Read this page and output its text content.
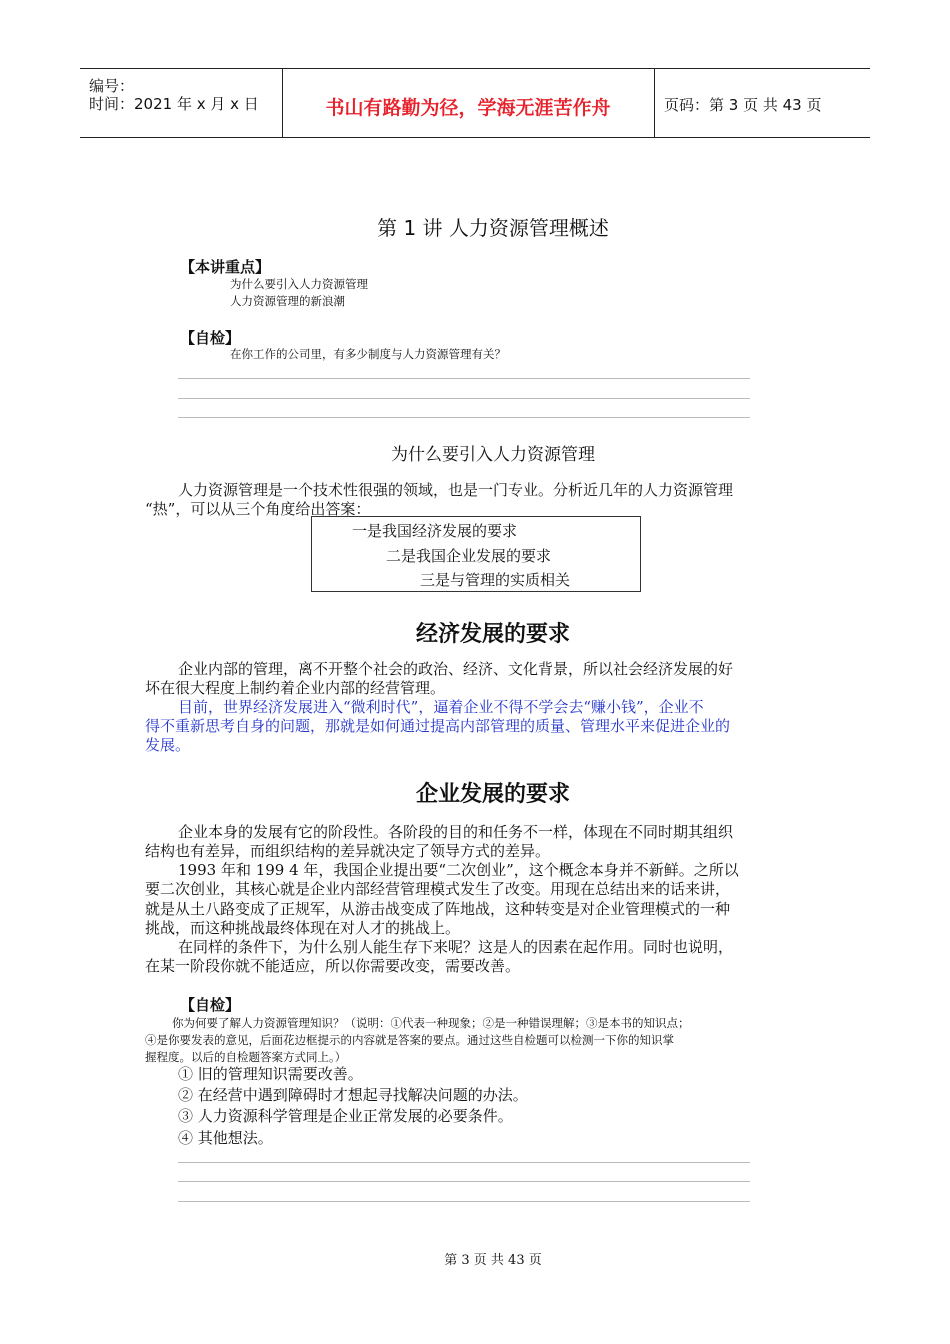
编号：
时间：2021 年 x 月 x 日	书山有路勤为径，学海无涯苦作舟	页码：第 3 页 共 43 页
第 1 讲 人力资源管理概述
【本讲重点】
为什么要引入人力资源管理
人力资源管理的新浪潮
【自检】
在你工作的公司里，有多少制度与人力资源管理有关？
为什么要引入人力资源管理
人力资源管理是一个技术性很强的领域，也是一门专业。分析近几年的人力资源管理
“热”，可以从三个角度给出答案：
一是我国经济发展的要求
二是我国企业发展的要求
三是与管理的实质相关
经济发展的要求
企业内部的管理，离不开整个社会的政治、经济、文化背景，所以社会经济发展的好
坏在很大程度上制约着企业内部的经营管理。
目前，世界经济发展进入“微利时代”，逼着企业不得不学会去“赚小钱”，企业不
得不重新思考自身的问题，那就是如何通过提高内部管理的质量、管理水平来促进企业的
发展。
企业发展的要求
企业本身的发展有它的阶段性。各阶段的目的和任务不一样，体现在不同时期其组织
结构也有差异，而组织结构的差异就决定了领导方式的差异。
1993 年和 199 4 年，我国企业提出要“二次创业”，这个概念本身并不新鲜。之所以
要二次创业，其核心就是企业内部经营管理模式发生了改变。用现在总结出来的话来讲，
就是从土八路变成了正规军，从游击战变成了阵地战，这种转变是对企业管理模式的一种
挑战，而这种挑战最终体现在对人才的挑战上。
在同样的条件下，为什么别人能生存下来呢？这是人的因素在起作用。同时也说明，
在某一阶段你就不能适应，所以你需要改变，需要改善。
【自检】
你为何要了解人力资源管理知识？（说明：①代表一种现象；②是一种错误理解；③是本书的知识点；
④是你要发表的意见，后面花边框提示的内容就是答案的要点。通过这些自检题可以检测一下你的知识掌
握程度。以后的自检题答案方式同上。）
① 旧的管理知识需要改善。
② 在经营中遇到障碍时才想起寻找解决问题的办法。
③ 人力资源科学管理是企业正常发展的必要条件。
④ 其他想法。
第 3 页 共 43 页
